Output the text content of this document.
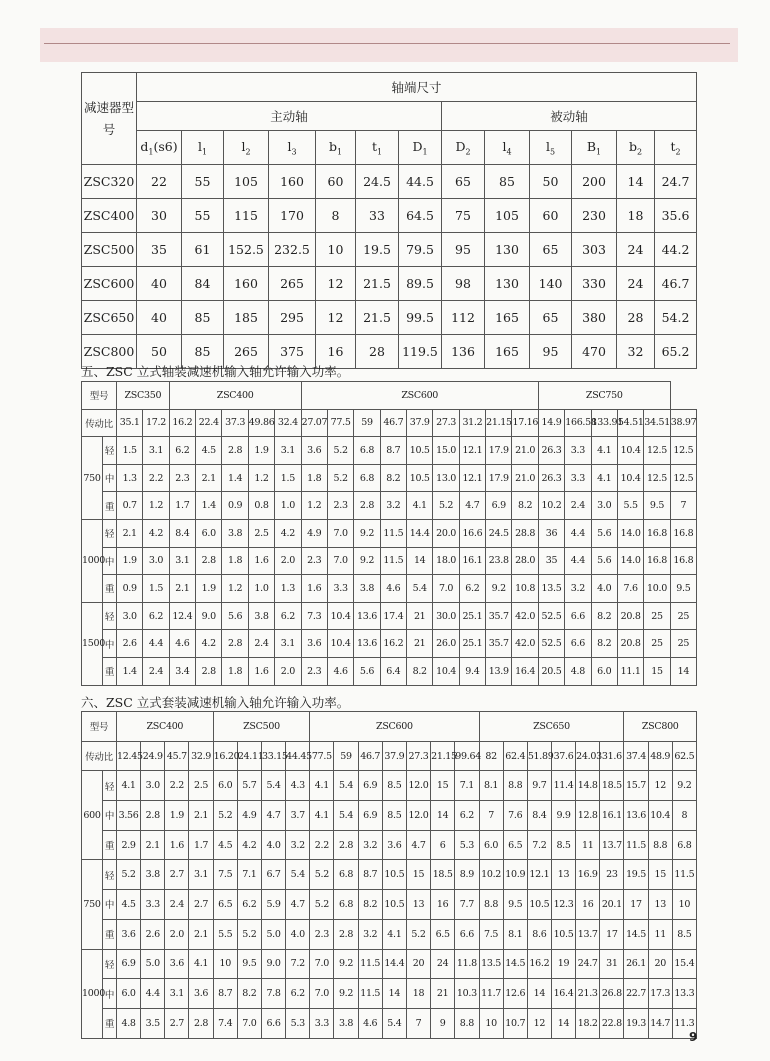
减速器型号	轴端尺寸												
	主动轴							被动轴					
	$d_1(s6)$	$l_1$	$l_2$	$l_3$	$b_1$	$t_1$	$D_1$	$D_2$	$l_4$	$l_5$	$B_1$	$b_2$	$t_2$
ZSC320	22	55	105	160	60	24.5	44.5	65	85	50	200	14	24.7
ZSC400	30	55	115	170	8	33	64.5	75	105	60	230	18	35.6
ZSC500	35	61	152.5	232.5	10	19.5	79.5	95	130	65	303	24	44.2
ZSC600	40	84	160	265	12	21.5	89.5	98	130	140	330	24	46.7
ZSC650	40	85	185	295	12	21.5	99.5	112	165	65	380	28	54.2
ZSC800	50	85	265	375	16	28	119.5	136	165	95	470	32	65.2
五、ZSC 立式轴装减速机输入轴允许输入功率。
型号		ZSC350		ZSC400					ZSC600									ZSC750					
传动比		35.1	17.2	16.2	22.4	37.3	49.86	32.4	27.07	77.5	59	46.7	37.9	27.3	31.2	21.15	17.16	14.9	166.58	133.91	54.51	34.51	38.97
750	轻	1.5	3.1	6.2	4.5	2.8	1.9	3.1	3.6	5.2	6.8	8.7	10.5	15.0	12.1	17.9	21.0	26.3	3.3	4.1	10.4	12.5	12.5
	中	1.3	2.2	2.3	2.1	1.4	1.2	1.5	1.8	5.2	6.8	8.2	10.5	13.0	12.1	17.9	21.0	26.3	3.3	4.1	10.4	12.5	12.5
	重	0.7	1.2	1.7	1.4	0.9	0.8	1.0	1.2	2.3	2.8	3.2	4.1	5.2	4.7	6.9	8.2	10.2	2.4	3.0	5.5	9.5	7
1000	轻	2.1	4.2	8.4	6.0	3.8	2.5	4.2	4.9	7.0	9.2	11.5	14.4	20.0	16.6	24.5	28.8	36	4.4	5.6	14.0	16.8	16.8
	中	1.9	3.0	3.1	2.8	1.8	1.6	2.0	2.3	7.0	9.2	11.5	14	18.0	16.1	23.8	28.0	35	4.4	5.6	14.0	16.8	16.8
	重	0.9	1.5	2.1	1.9	1.2	1.0	1.3	1.6	3.3	3.8	4.6	5.4	7.0	6.2	9.2	10.8	13.5	3.2	4.0	7.6	10.0	9.5
1500	轻	3.0	6.2	12.4	9.0	5.6	3.8	6.2	7.3	10.4	13.6	17.4	21	30.0	25.1	35.7	42.0	52.5	6.6	8.2	20.8	25	25
	中	2.6	4.4	4.6	4.2	2.8	2.4	3.1	3.6	10.4	13.6	16.2	21	26.0	25.1	35.7	42.0	52.5	6.6	8.2	20.8	25	25
	重	1.4	2.4	3.4	2.8	1.8	1.6	2.0	2.3	4.6	5.6	6.4	8.2	10.4	9.4	13.9	16.4	20.5	4.8	6.0	11.1	15	14
六、ZSC 立式套装减速机输入轴允许输入功率。
型号		ZSC400				ZSC500				ZSC600							ZSC650						ZSC800		
传动比		12.45	24.9	45.7	32.9	16.20	24.11	33.15	44.45	77.5	59	46.7	37.9	27.3	21.15	99.64	82	62.4	51.89	37.6	24.03	31.6	37.4	48.9	62.5
600	轻	4.1	3.0	2.2	2.5	6.0	5.7	5.4	4.3	4.1	5.4	6.9	8.5	12.0	15	7.1	8.1	8.8	9.7	11.4	14.8	18.5	15.7	12	9.2
	中	3.56	2.8	1.9	2.1	5.2	4.9	4.7	3.7	4.1	5.4	6.9	8.5	12.0	14	6.2	7	7.6	8.4	9.9	12.8	16.1	13.6	10.4	8
	重	2.9	2.1	1.6	1.7	4.5	4.2	4.0	3.2	2.2	2.8	3.2	3.6	4.7	6	5.3	6.0	6.5	7.2	8.5	11	13.7	11.5	8.8	6.8
750	轻	5.2	3.8	2.7	3.1	7.5	7.1	6.7	5.4	5.2	6.8	8.7	10.5	15	18.5	8.9	10.2	10.9	12.1	13	16.9	23	19.5	15	11.5
	中	4.5	3.3	2.4	2.7	6.5	6.2	5.9	4.7	5.2	6.8	8.2	10.5	13	16	7.7	8.8	9.5	10.5	12.3	16	20.1	17	13	10
	重	3.6	2.6	2.0	2.1	5.5	5.2	5.0	4.0	2.3	2.8	3.2	4.1	5.2	6.5	6.6	7.5	8.1	8.6	10.5	13.7	17	14.5	11	8.5
1000	轻	6.9	5.0	3.6	4.1	10	9.5	9.0	7.2	7.0	9.2	11.5	14.4	20	24	11.8	13.5	14.5	16.2	19	24.7	31	26.1	20	15.4
	中	6.0	4.4	3.1	3.6	8.7	8.2	7.8	6.2	7.0	9.2	11.5	14	18	21	10.3	11.7	12.6	14	16.4	21.3	26.8	22.7	17.3	13.3
	重	4.8	3.5	2.7	2.8	7.4	7.0	6.6	5.3	3.3	3.8	4.6	5.4	7	9	8.8	10	10.7	12	14	18.2	22.8	19.3	14.7	11.3
9
